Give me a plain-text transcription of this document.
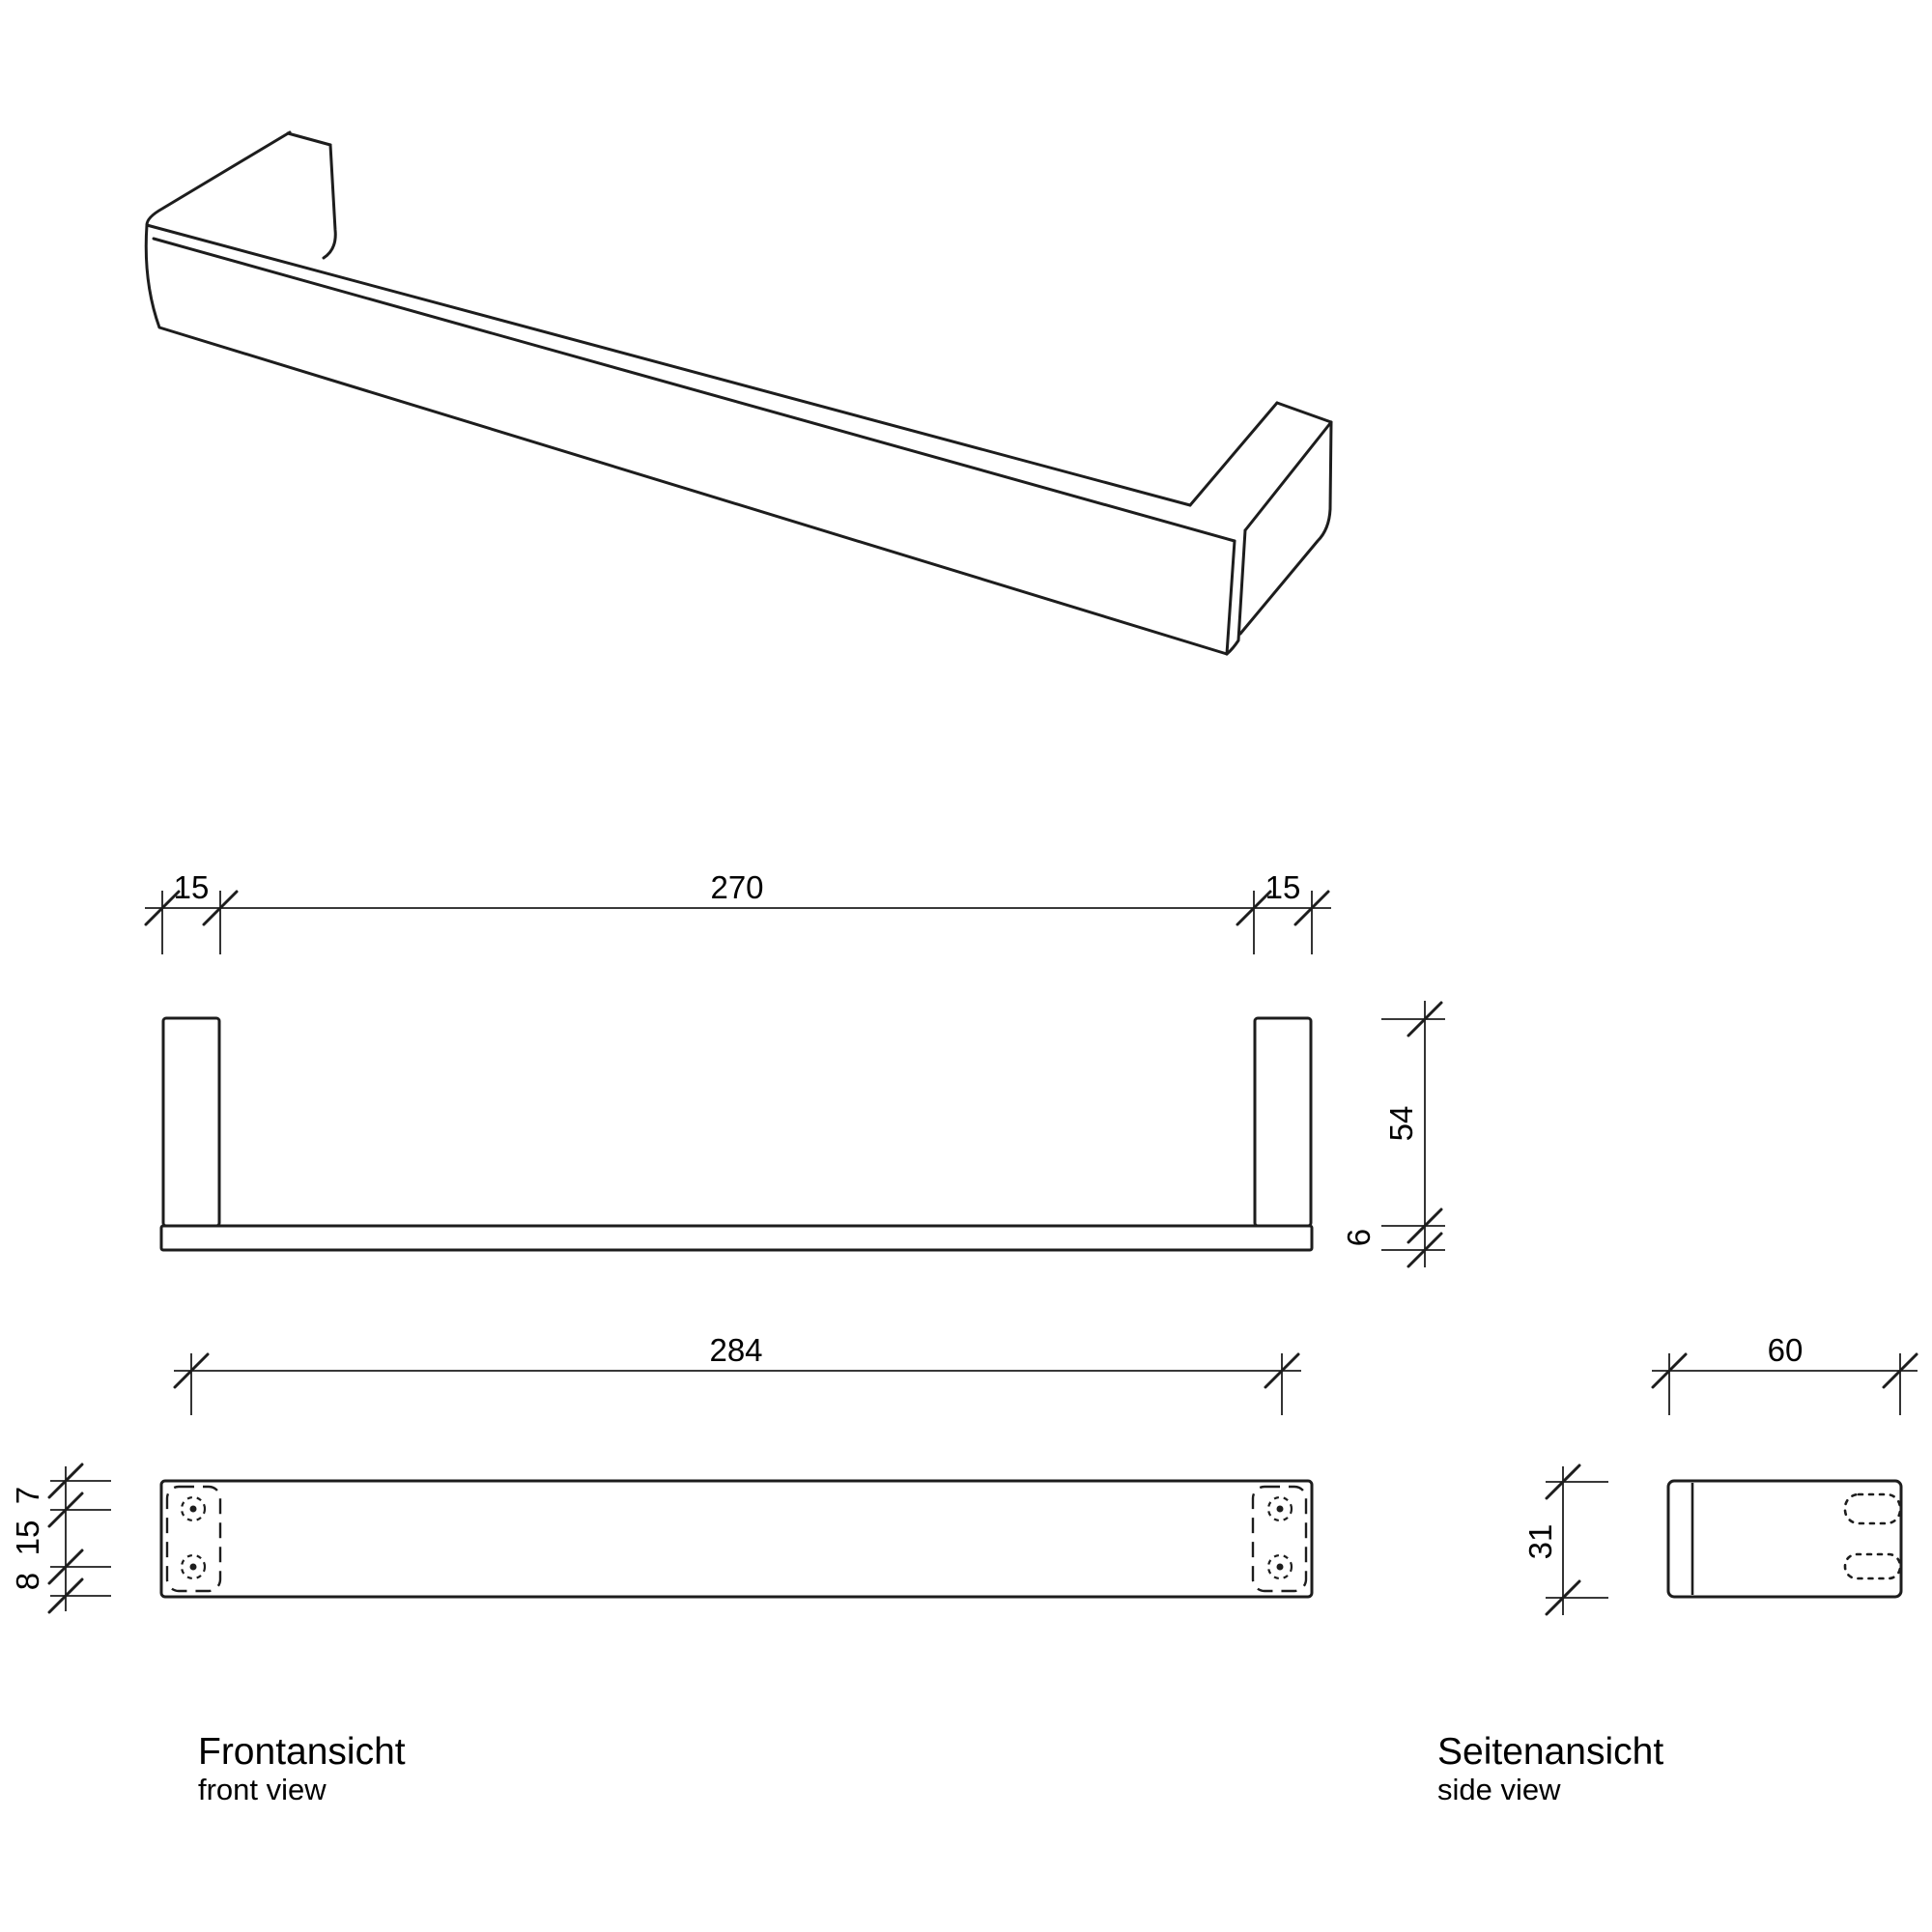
15	270	15
54
6
284
7
15
8
60
31
Frontansicht
front view
Seitenansicht
side view
